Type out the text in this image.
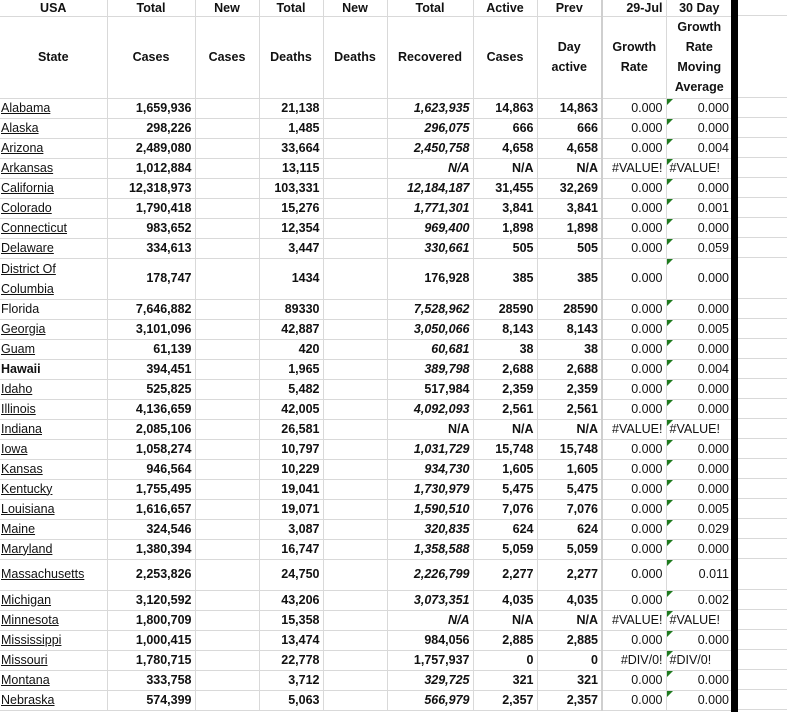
USA	Total	New	Total	New	Total	Active	Prev	29-Jul	30 Day
State	Cases	Cases	Deaths	Deaths	Recovered	Cases	Day active	Growth Rate	Growth Rate Moving Average
Alabama	1,659,936		21,138		1,623,935	14,863	14,863	0.000	0.000
Alaska	298,226		1,485		296,075	666	666	0.000	0.000
Arizona	2,489,080		33,664		2,450,758	4,658	4,658	0.000	0.004
Arkansas	1,012,884		13,115		N/A	N/A	N/A	#VALUE!	#VALUE!
California	12,318,973		103,331		12,184,187	31,455	32,269	0.000	0.000
Colorado	1,790,418		15,276		1,771,301	3,841	3,841	0.000	0.001
Connecticut	983,652		12,354		969,400	1,898	1,898	0.000	0.000
Delaware	334,613		3,447		330,661	505	505	0.000	0.059
District Of Columbia	178,747		1434		176,928	385	385	0.000	0.000
Florida	7,646,882		89330		7,528,962	28590	28590	0.000	0.000
Georgia	3,101,096		42,887		3,050,066	8,143	8,143	0.000	0.005
Guam	61,139		420		60,681	38	38	0.000	0.000
Hawaii	394,451		1,965		389,798	2,688	2,688	0.000	0.004
Idaho	525,825		5,482		517,984	2,359	2,359	0.000	0.000
Illinois	4,136,659		42,005		4,092,093	2,561	2,561	0.000	0.000
Indiana	2,085,106		26,581		N/A	N/A	N/A	#VALUE!	#VALUE!
Iowa	1,058,274		10,797		1,031,729	15,748	15,748	0.000	0.000
Kansas	946,564		10,229		934,730	1,605	1,605	0.000	0.000
Kentucky	1,755,495		19,041		1,730,979	5,475	5,475	0.000	0.000
Louisiana	1,616,657		19,071		1,590,510	7,076	7,076	0.000	0.005
Maine	324,546		3,087		320,835	624	624	0.000	0.029
Maryland	1,380,394		16,747		1,358,588	5,059	5,059	0.000	0.000
Massachusetts	2,253,826		24,750		2,226,799	2,277	2,277	0.000	0.011
Michigan	3,120,592		43,206		3,073,351	4,035	4,035	0.000	0.002
Minnesota	1,800,709		15,358		N/A	N/A	N/A	#VALUE!	#VALUE!
Mississippi	1,000,415		13,474		984,056	2,885	2,885	0.000	0.000
Missouri	1,780,715		22,778		1,757,937	0	0	#DIV/0!	#DIV/0!
Montana	333,758		3,712		329,725	321	321	0.000	0.000
Nebraska	574,399		5,063		566,979	2,357	2,357	0.000	0.000
